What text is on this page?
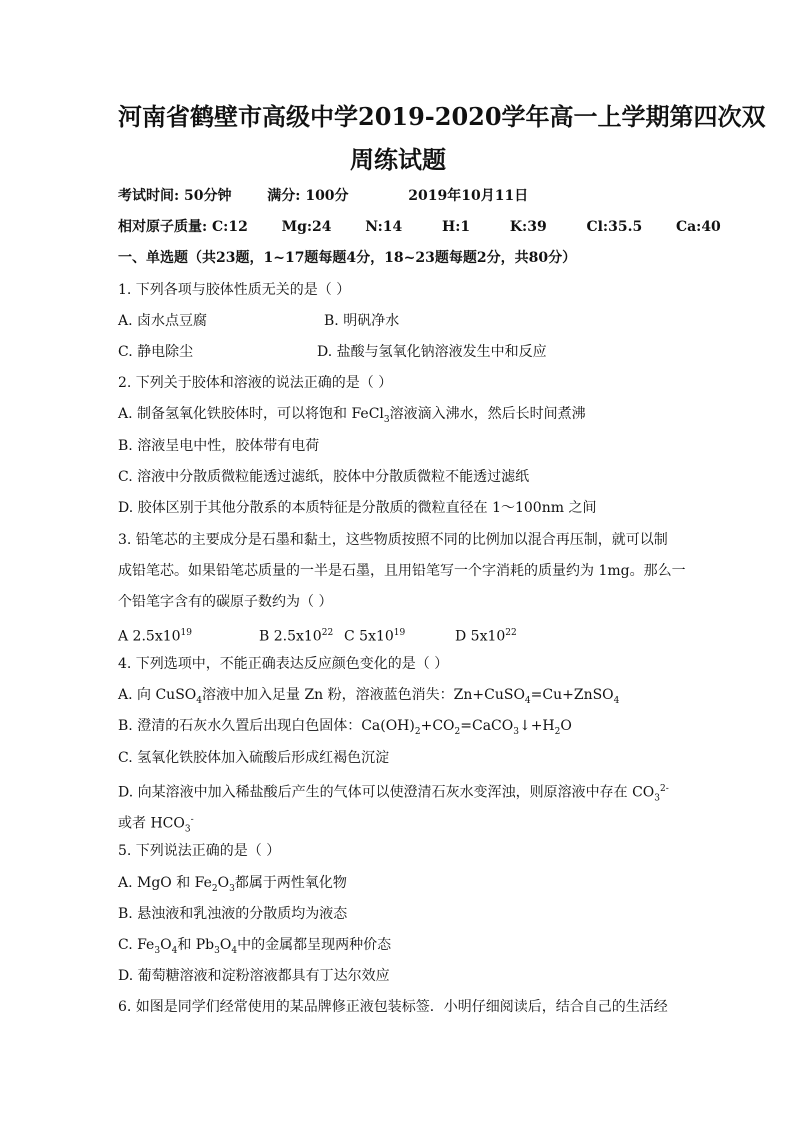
河南省鹤壁市高级中学2019-2020学年高一上学期第四次双
周练试题
考试时间: 50分钟	满分: 100分	2019年10月11日
相对原子质量: C:12 Mg:24 N:14	H:1	K:39	Cl:35.5 Ca:40
一、单选题（共23题，1~17题每题4分，18~23题每题2分，共80分）
1. 下列各项与胶体性质无关的是（ ）
A. 卤水点豆腐	B. 明矾净水
C. 静电除尘	D. 盐酸与氢氧化钠溶液发生中和反应
2. 下列关于胶体和溶液的说法正确的是（ ）
A. 制备氢氧化铁胶体时，可以将饱和 FeCl$_3$溶液滴入沸水，然后长时间煮沸
B. 溶液呈电中性，胶体带有电荷
C. 溶液中分散质微粒能透过滤纸，胶体中分散质微粒不能透过滤纸
D. 胶体区别于其他分散系的本质特征是分散质的微粒直径在 1～100nm 之间
3. 铅笔芯的主要成分是石墨和黏土，这些物质按照不同的比例加以混合再压制，就可以制
成铅笔芯。如果铅笔芯质量的一半是石墨，且用铅笔写一个字消耗的质量约为 1mg。那么一
个铅笔字含有的碳原子数约为（ ）
A $2.5x10^{19}$	B $2.5x10^{22}$ C $5x10^{19}$	D $5x10^{22}$
4. 下列选项中，不能正确表达反应颜色变化的是（ ）
A. 向 CuSO$_4$溶液中加入足量 Zn 粉，溶液蓝色消失：Zn+CuSO$_4$=Cu+ZnSO$_4$
B. 澄清的石灰水久置后出现白色固体：$Ca(OH)_2+CO_2=CaCO_3↓+H_2O$
C. 氢氧化铁胶体加入硫酸后形成红褐色沉淀
D. 向某溶液中加入稀盐酸后产生的气体可以使澄清石灰水变浑浊，则原溶液中存在 $CO_3^{2-}$
或者 $HCO_3^-$
5. 下列说法正确的是（ ）
A. MgO 和 $Fe_2O_3$都属于两性氧化物
B. 悬浊液和乳浊液的分散质均为液态
C. $Fe_3O_4$和 $Pb_3O_4$中的金属都呈现两种价态
D. 葡萄糖溶液和淀粉溶液都具有丁达尔效应
6. 如图是同学们经常使用的某品牌修正液包装标签．小明仔细阅读后，结合自己的生活经
